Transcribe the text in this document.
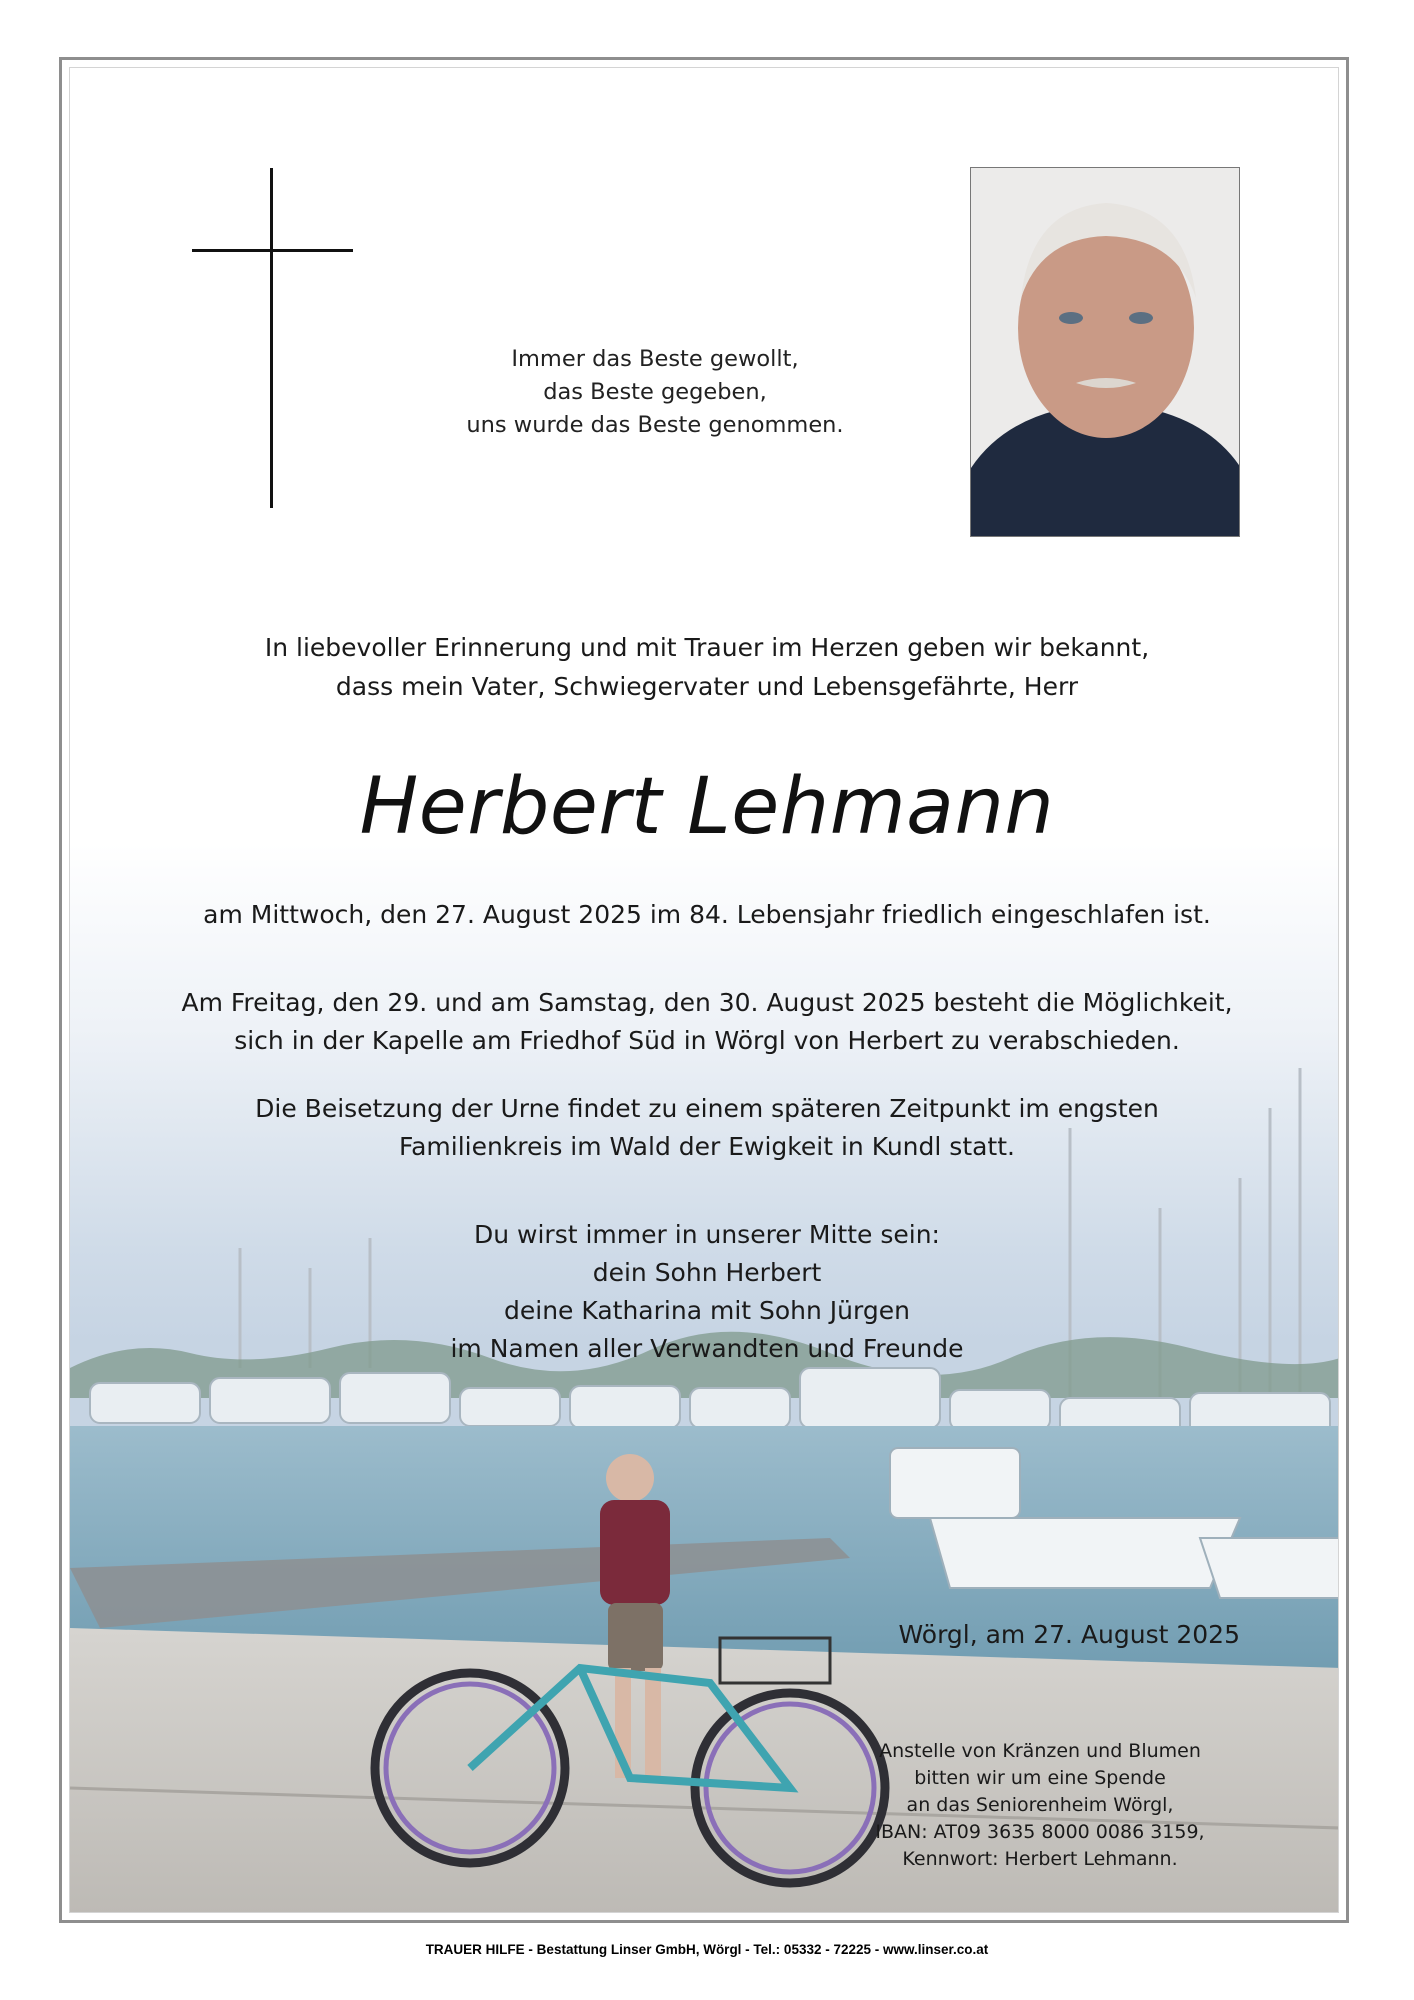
Immer das Beste gewollt,
das Beste gegeben,
uns wurde das Beste genommen.
In liebevoller Erinnerung und mit Trauer im Herzen geben wir bekannt,
dass mein Vater, Schwiegervater und Lebensgefährte, Herr
Herbert Lehmann
am Mittwoch, den 27. August 2025 im 84. Lebensjahr friedlich eingeschlafen ist.
Am Freitag, den 29. und am Samstag, den 30. August 2025 besteht die Möglichkeit,
sich in der Kapelle am Friedhof Süd in Wörgl von Herbert zu verabschieden.
Die Beisetzung der Urne findet zu einem späteren Zeitpunkt im engsten
Familienkreis im Wald der Ewigkeit in Kundl statt.
Du wirst immer in unserer Mitte sein:
dein Sohn Herbert
deine Katharina mit Sohn Jürgen
im Namen aller Verwandten und Freunde
Wörgl, am 27. August 2025
Anstelle von Kränzen und Blumen
bitten wir um eine Spende
an das Seniorenheim Wörgl,
IBAN: AT09 3635 8000 0086 3159,
Kennwort: Herbert Lehmann.
TRAUER HILFE - Bestattung Linser GmbH, Wörgl - Tel.: 05332 - 72225 - www.linser.co.at
